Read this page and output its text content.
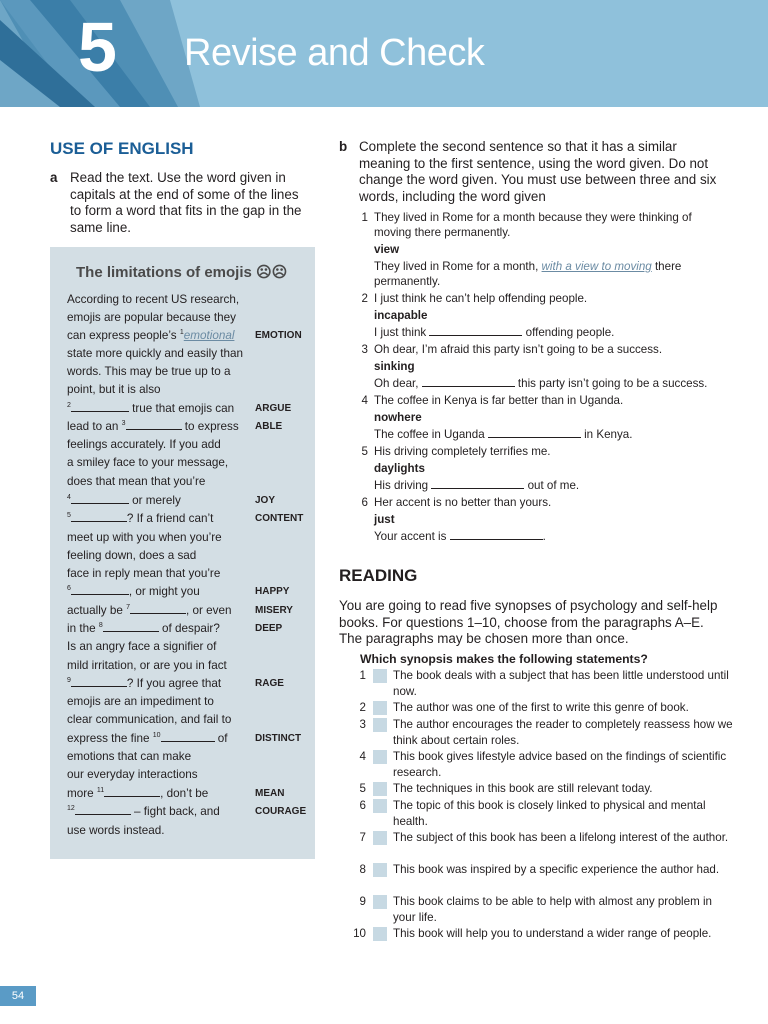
5 Revise and Check
USE OF ENGLISH
a Read the text. Use the word given in
capitals at the end of some of the lines
to form a word that fits in the gap in the
same line.
The limitations of emojis ☹☹
According to recent US research,
emojis are popular because they
can express people’s $^1$emotional EMOTION
state more quickly and easily than
words. This may be true up to a
point, but it is also
$^2$	true that emojis can ARGUE
lead to an $^3$	to express ABLE
feelings accurately. If you add
a smiley face to your message,
does that mean that you’re
$^4$	or merely	JOY
$^5$	? If a friend can’t	CONTENT
meet up with you when you’re
feeling down, does a sad
face in reply mean that you’re
$^6$	, or might you	HAPPY
actually be $^7$	, or even MISERY
in the $^8$	of despair?	DEEP
Is an angry face a signifier of
mild irritation, or are you in fact
$^9$	? If you agree that	RAGE
emojis are an impediment to
clear communication, and fail to
express the fine $^{10}$	of	DISTINCT
emotions that can make
our everyday interactions
more $^{11}$	, don’t be	MEAN
$^{12}$	– fight back, and	COURAGE
use words instead.
b Complete the second sentence so that it has a similar
meaning to the first sentence, using the word given. Do not
change the word given. You must use between three and six
words, including the word given
1 They lived in Rome for a month because they were thinking of
moving there permanently.
view
They lived in Rome for a month, with a view to moving there
permanently.
2 I just think he can’t help offending people.
incapable
I just think	offending people.
3 Oh dear, I’m afraid this party isn’t going to be a success.
sinking
Oh dear,	this party isn’t going to be a success.
4 The coffee in Kenya is far better than in Uganda.
nowhere
The coffee in Uganda	in Kenya.
5 His driving completely terrifies me.
daylights
His driving	out of me.
6 Her accent is no better than yours.
just
Your accent is	.
READING
You are going to read five synopses of psychology and self-help
books. For questions 1–10, choose from the paragraphs A–E.
The paragraphs may be chosen more than once.
Which synopsis makes the following statements?
1 The book deals with a subject that has been little understood until now.
2 The author was one of the first to write this genre of book.
3 The author encourages the reader to completely reassess how we think about certain roles.
4 This book gives lifestyle advice based on the findings of scientific research.
5 The techniques in this book are still relevant today.
6 The topic of this book is closely linked to physical and mental health.
7 The subject of this book has been a lifelong interest of the author.
8 This book was inspired by a specific experience the author had.
9 This book claims to be able to help with almost any problem in your life.
10 This book will help you to understand a wider range of people.
54
